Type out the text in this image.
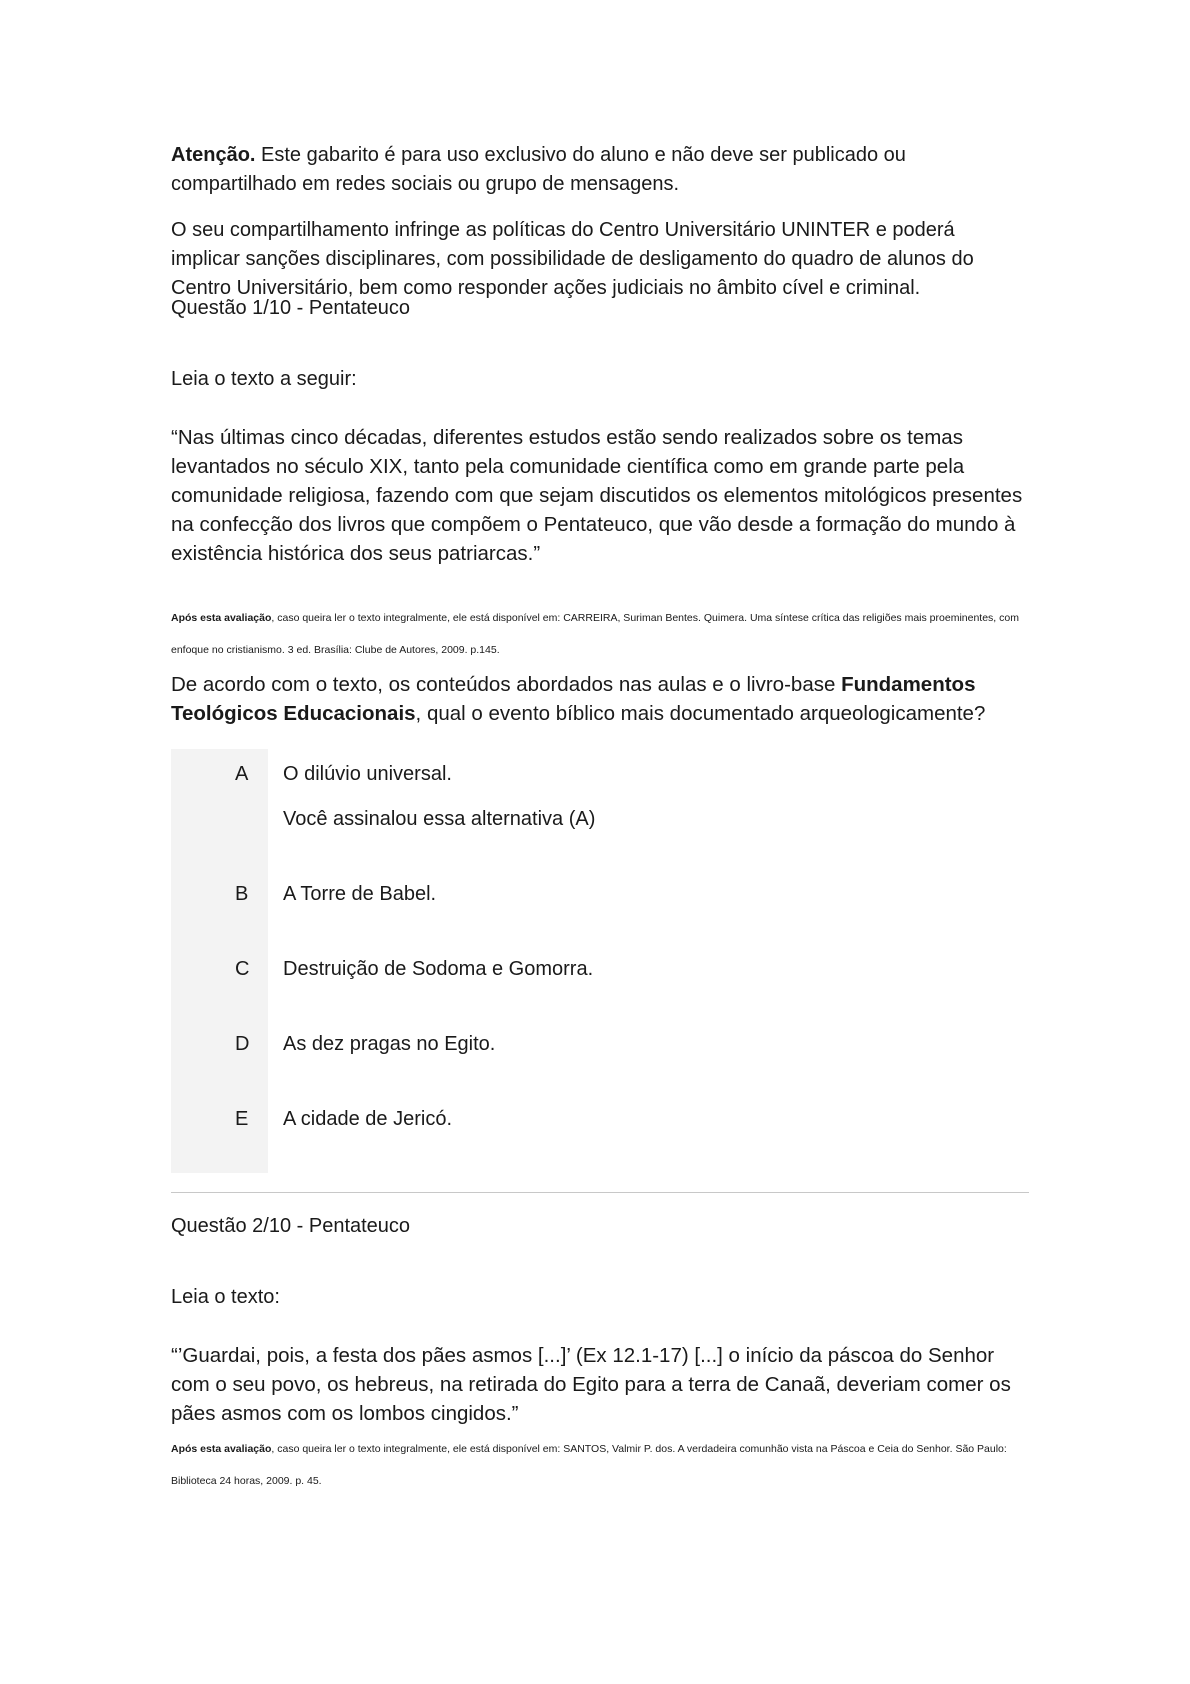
Atenção. Este gabarito é para uso exclusivo do aluno e não deve ser publicado ou compartilhado em redes sociais ou grupo de mensagens.

O seu compartilhamento infringe as políticas do Centro Universitário UNINTER e poderá implicar sanções disciplinares, com possibilidade de desligamento do quadro de alunos do Centro Universitário, bem como responder ações judiciais no âmbito cível e criminal.

Questão 1/10 - Pentateuco

Leia o texto a seguir:

“Nas últimas cinco décadas, diferentes estudos estão sendo realizados sobre os temas levantados no século XIX, tanto pela comunidade científica como em grande parte pela comunidade religiosa, fazendo com que sejam discutidos os elementos mitológicos presentes na confecção dos livros que compõem o Pentateuco, que vão desde a formação do mundo à existência histórica dos seus patriarcas.”

Após esta avaliação, caso queira ler o texto integralmente, ele está disponível em: CARREIRA, Suriman Bentes. Quimera. Uma síntese crítica das religiões mais proeminentes, com enfoque no cristianismo. 3 ed. Brasília: Clube de Autores, 2009. p.145.

De acordo com o texto, os conteúdos abordados nas aulas e o livro-base Fundamentos Teológicos Educacionais, qual o evento bíblico mais documentado arqueologicamente?

A	O dilúvio universal.
Você assinalou essa alternativa (A)
B	A Torre de Babel.
C	Destruição de Sodoma e Gomorra.
D	As dez pragas no Egito.
E	A cidade de Jericó.

Questão 2/10 - Pentateuco

Leia o texto:

“’Guardai, pois, a festa dos pães asmos [...]’ (Ex 12.1-17) [...] o início da páscoa do Senhor com o seu povo, os hebreus, na retirada do Egito para a terra de Canaã, deveriam comer os pães asmos com os lombos cingidos.”

Após esta avaliação, caso queira ler o texto integralmente, ele está disponível em: SANTOS, Valmir P. dos. A verdadeira comunhão vista na Páscoa e Ceia do Senhor. São Paulo: Biblioteca 24 horas, 2009. p. 45.
